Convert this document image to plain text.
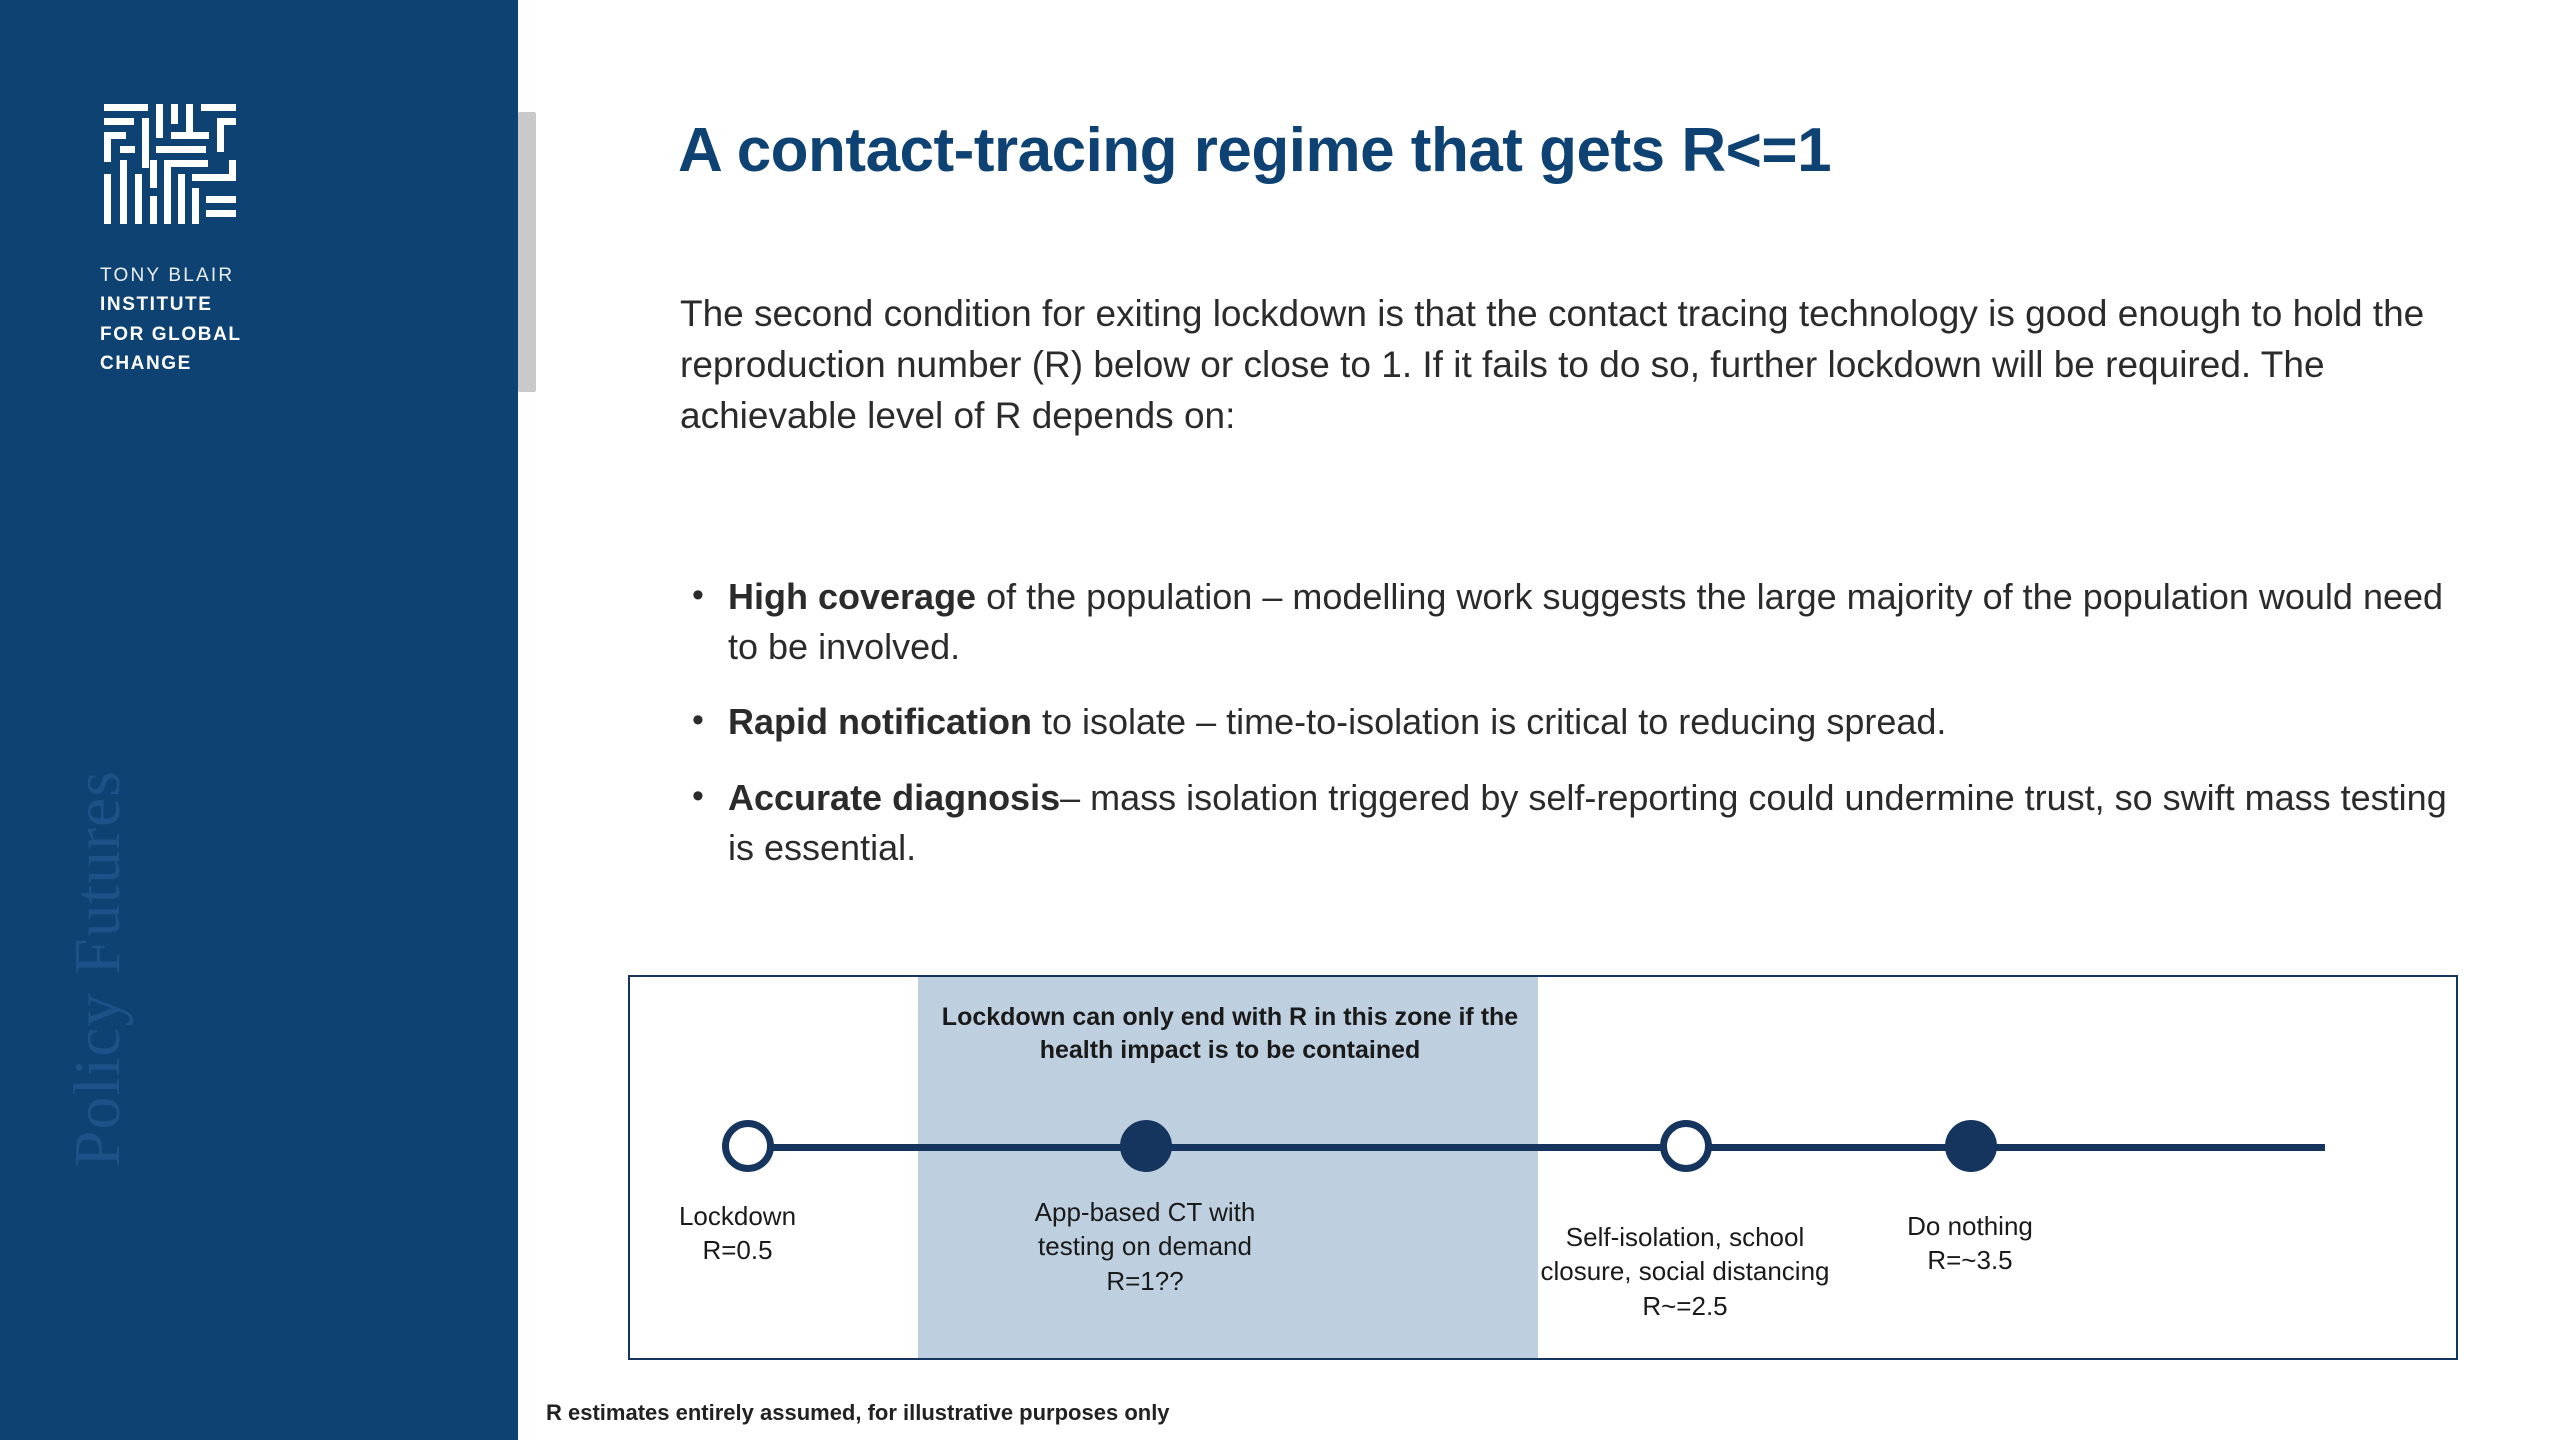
TONY BLAIR
INSTITUTE
FOR GLOBAL
CHANGE
Policy Futures
A contact-tracing regime that gets R<=1
The second condition for exiting lockdown is that the contact tracing technology is good enough to hold the reproduction number (R) below or close to 1. If it fails to do so, further lockdown will be required. The achievable level of R depends on:
• High coverage of the population – modelling work suggests the large majority of the population would need to be involved.
• Rapid notification to isolate – time-to-isolation is critical to reducing spread.
• Accurate diagnosis– mass isolation triggered by self-reporting could undermine trust, so swift mass testing is essential.
Lockdown can only end with R in this zone if the health impact is to be contained
Lockdown
R=0.5
App-based CT with
testing on demand
R=1??
Self-isolation, school
closure, social distancing
R~=2.5
Do nothing
R=~3.5
R estimates entirely assumed, for illustrative purposes only
